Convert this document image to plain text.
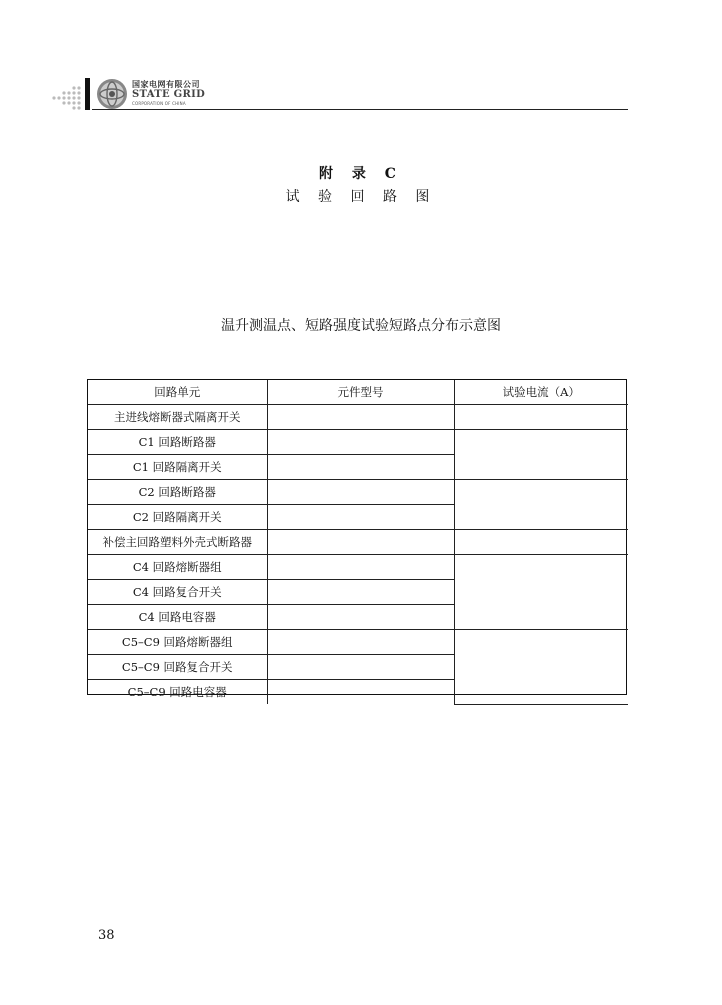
国家电网有限公司
STATE GRID
CORPORATION OF CHINA
附 录 C
试 验 回 路 图
温升测温点、短路强度试验短路点分布示意图
回路单元	元件型号	试验电流（A）
主进线熔断器式隔离开关		
C1 回路断路器		
C1 回路隔离开关		
C2 回路断路器		
C2 回路隔离开关		
补偿主回路塑料外壳式断路器		
C4 回路熔断器组		
C4 回路复合开关		
C4 回路电容器		
C5–C9 回路熔断器组		
C5–C9 回路复合开关		
C5–C9 回路电容器		
38
